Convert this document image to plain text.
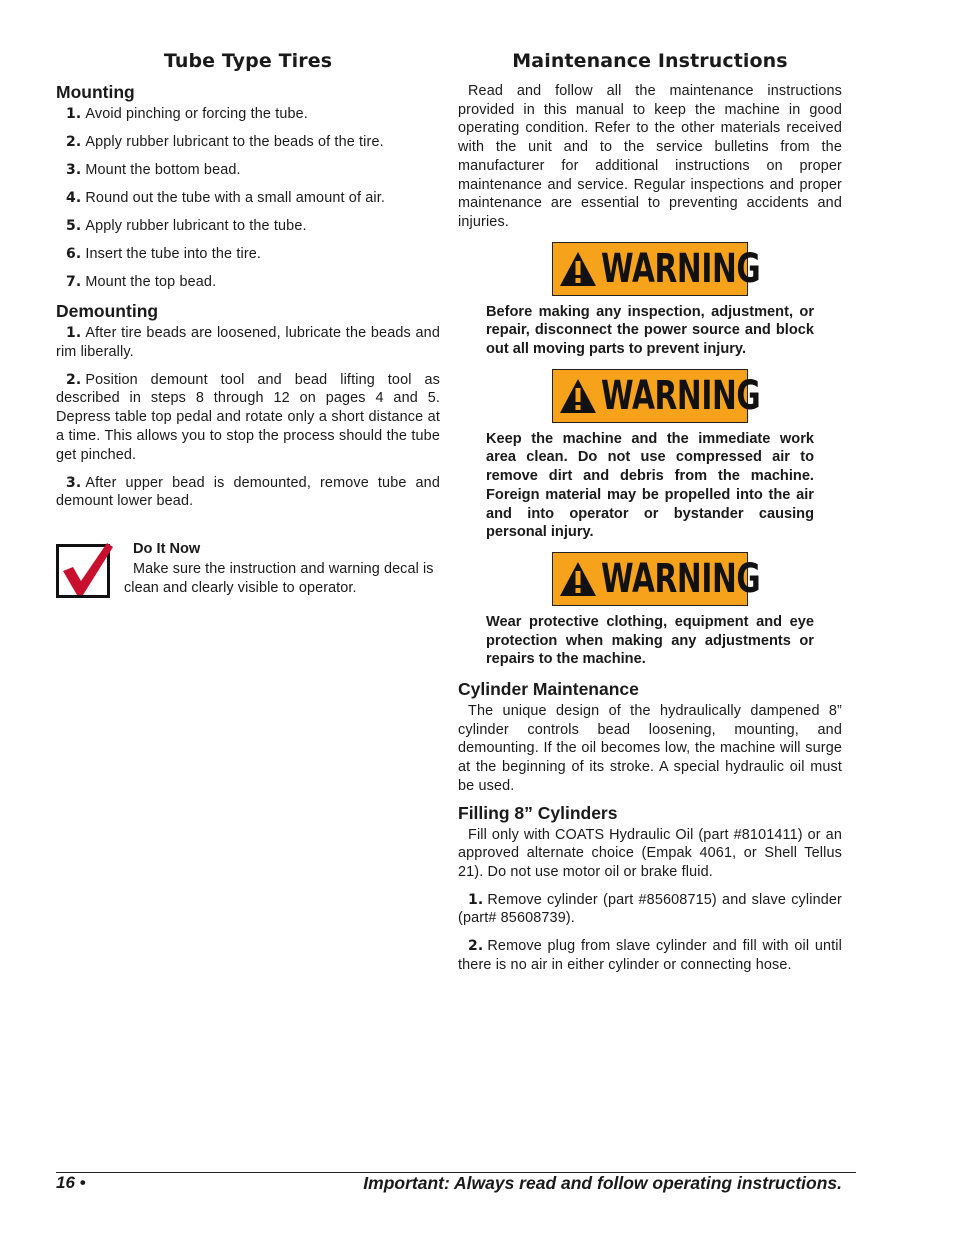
Tube Type Tires
Mounting
1. Avoid pinching or forcing the tube.
2. Apply rubber lubricant to the beads of the tire.
3. Mount the bottom bead.
4. Round out the tube with a small amount of air.
5. Apply rubber lubricant to the tube.
6. Insert the tube into the tire.
7. Mount the top bead.
Demounting

1. After tire beads are loosened, lubricate the beads and rim liberally.

2. Position demount tool and bead lifting tool as described in steps 8 through 12 on pages 4 and 5. Depress table top pedal and rotate only a short distance at a time. This allows you to stop the process should the tube get pinched.

3. After upper bead is demounted, remove tube and demount lower bead.

Do It Now
Make sure the instruction and warning decal is clean and clearly visible to operator.
Maintenance Instructions

Read and follow all the maintenance instructions provided in this manual to keep the machine in good operating condition. Refer to the other materials received with the unit and to the service bulletins from the manufacturer for additional instructions on proper maintenance and service. Regular inspections and proper maintenance are essential to preventing accidents and injuries.

WARNING

Before making any inspection, adjustment, or repair, disconnect the power source and block out all moving parts to prevent injury.

WARNING

Keep the machine and the immediate work area clean. Do not use compressed air to remove dirt and debris from the machine. Foreign material may be propelled into the air and into operator or bystander causing personal injury.

WARNING

Wear protective clothing, equipment and eye protection when making any adjustments or repairs to the machine.

Cylinder Maintenance

The unique design of the hydraulically dampened 8” cylinder controls bead loosening, mounting, and demounting. If the oil becomes low, the machine will surge at the beginning of its stroke. A special hydraulic oil must be used.

Filling 8” Cylinders

Fill only with COATS Hydraulic Oil (part #8101411) or an approved alternate choice (Empak 4061, or Shell Tellus 21). Do not use motor oil or brake fluid.

1. Remove cylinder (part #85608715) and slave cylinder (part# 85608739).

2. Remove plug from slave cylinder and fill with oil until there is no air in either cylinder or connecting hose.

16 •	Important: Always read and follow operating instructions.
